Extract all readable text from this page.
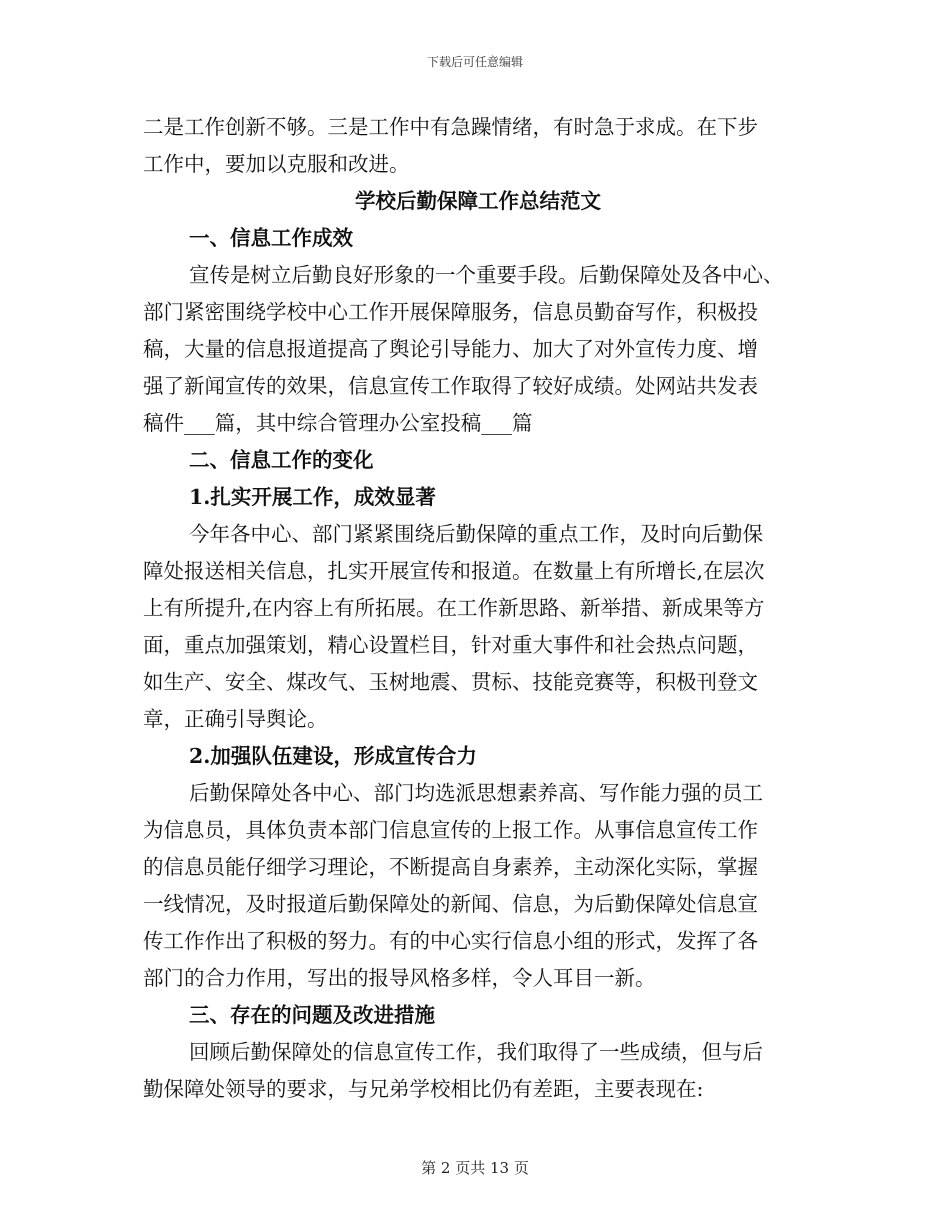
下载后可任意编辑
二是工作创新不够。三是工作中有急躁情绪，有时急于求成。在下步
工作中，要加以克服和改进。
学校后勤保障工作总结范文
一、信息工作成效
宣传是树立后勤良好形象的一个重要手段。后勤保障处及各中心、
部门紧密围绕学校中心工作开展保障服务，信息员勤奋写作，积极投
稿，大量的信息报道提高了舆论引导能力、加大了对外宣传力度、增
强了新闻宣传的效果，信息宣传工作取得了较好成绩。处网站共发表
稿件___篇，其中综合管理办公室投稿___篇
二、信息工作的变化
1.扎实开展工作，成效显著
今年各中心、部门紧紧围绕后勤保障的重点工作，及时向后勤保
障处报送相关信息，扎实开展宣传和报道。在数量上有所增长,在层次
上有所提升,在内容上有所拓展。在工作新思路、新举措、新成果等方
面，重点加强策划，精心设置栏目，针对重大事件和社会热点问题，
如生产、安全、煤改气、玉树地震、贯标、技能竞赛等，积极刊登文
章，正确引导舆论。
2.加强队伍建设，形成宣传合力
后勤保障处各中心、部门均选派思想素养高、写作能力强的员工
为信息员，具体负责本部门信息宣传的上报工作。从事信息宣传工作
的信息员能仔细学习理论，不断提高自身素养，主动深化实际，掌握
一线情况，及时报道后勤保障处的新闻、信息，为后勤保障处信息宣
传工作作出了积极的努力。有的中心实行信息小组的形式，发挥了各
部门的合力作用，写出的报导风格多样，令人耳目一新。
三、存在的问题及改进措施
回顾后勤保障处的信息宣传工作，我们取得了一些成绩，但与后
勤保障处领导的要求，与兄弟学校相比仍有差距，主要表现在:
第 2 页共 13 页
